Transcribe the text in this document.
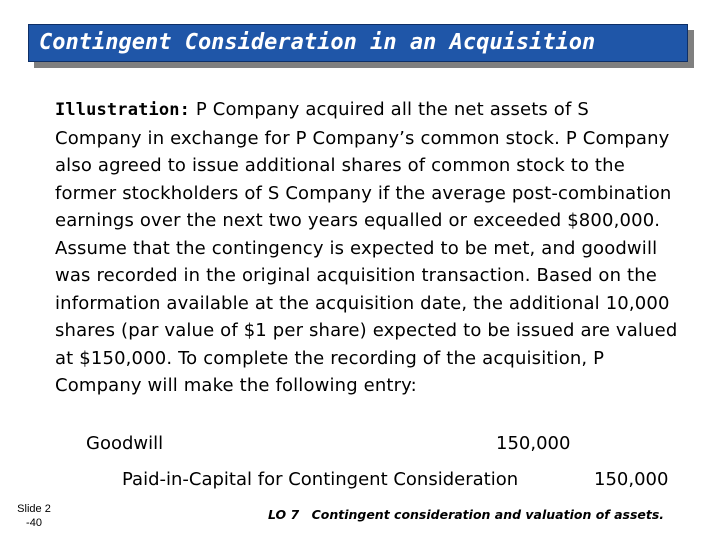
Contingent Consideration in an Acquisition
Illustration: P Company acquired all the net assets of S Company in exchange for P Company’s common stock. P Company also agreed to issue additional shares of common stock to the former stockholders of S Company if the average post-combination earnings over the next two years equalled or exceeded $800,000. Assume that the contingency is expected to be met, and goodwill was recorded in the original acquisition transaction. Based on the information available at the acquisition date, the additional 10,000 shares (par value of $1 per share) expected to be issued are valued at $150,000. To complete the recording of the acquisition, P Company will make the following entry:
Goodwill	150,000
Paid-in-Capital for Contingent Consideration	150,000
Slide 2
-40
LO 7 Contingent consideration and valuation of assets.
